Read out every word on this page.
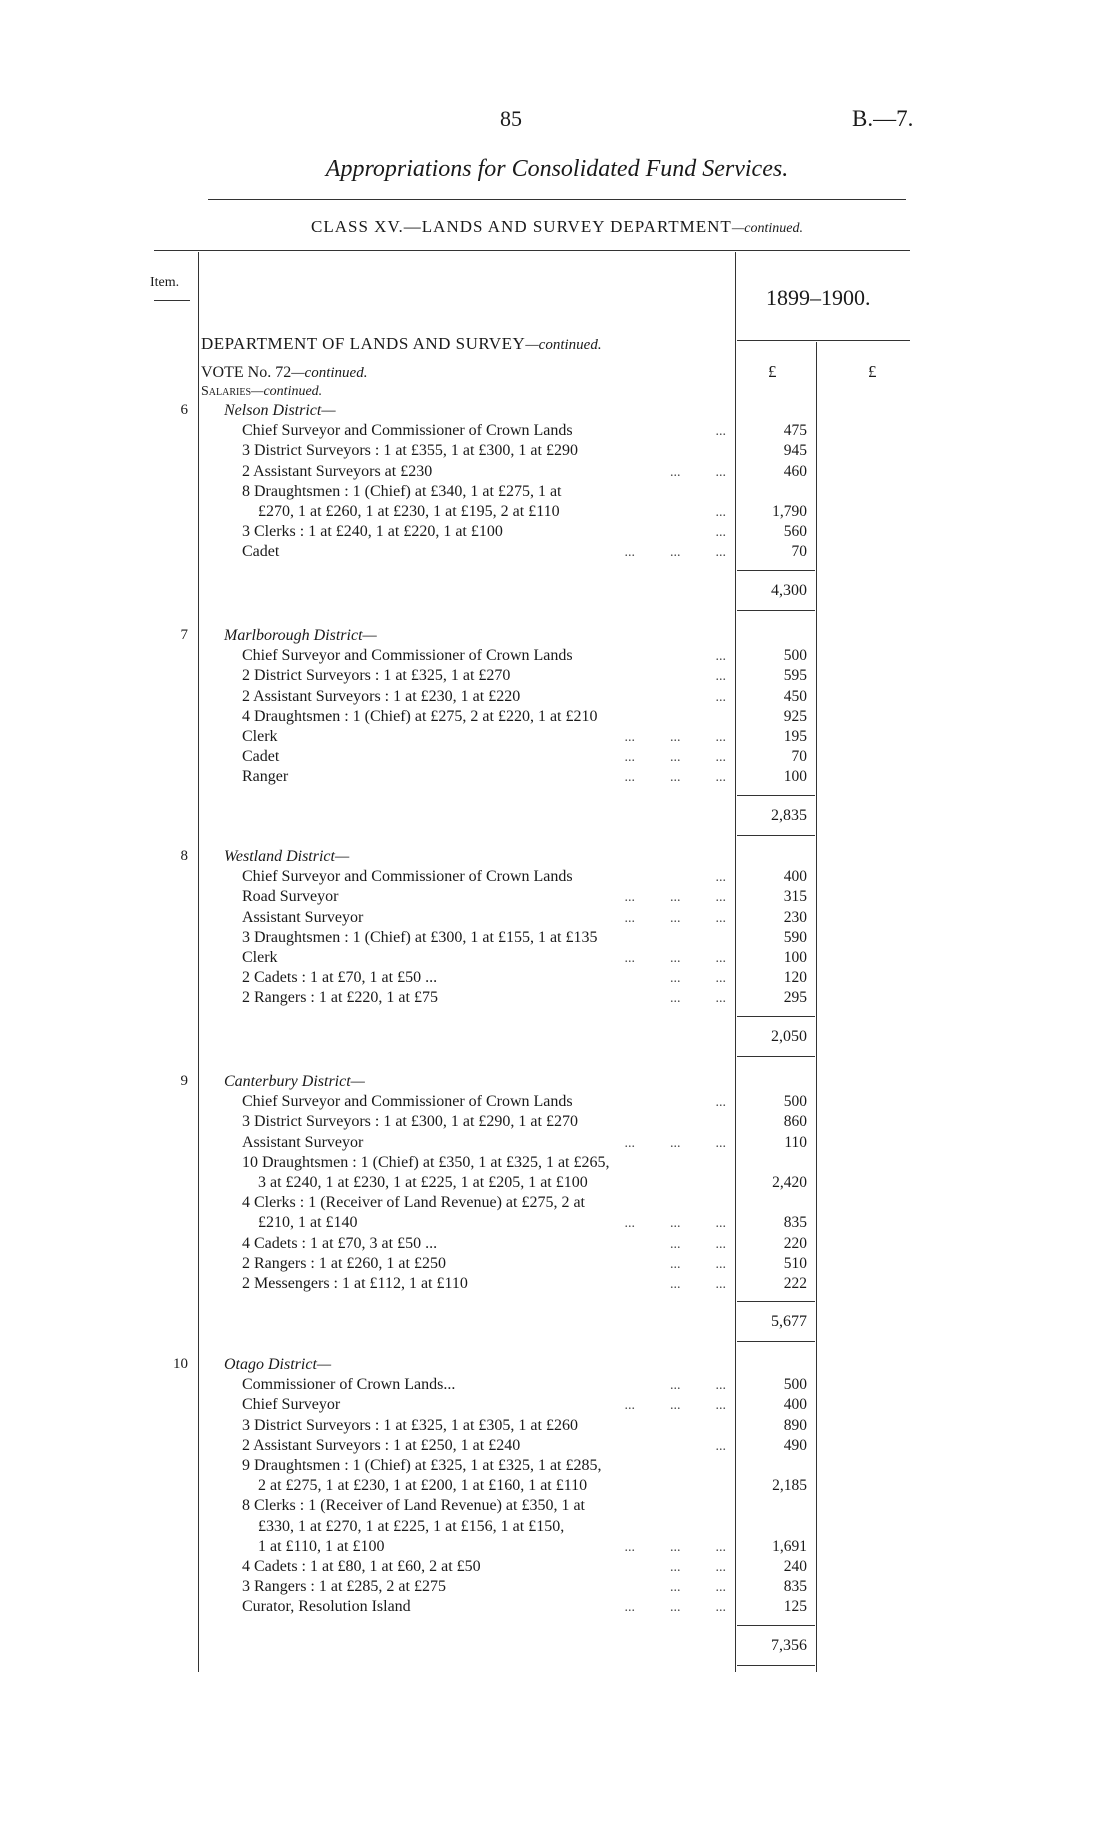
85	B.—7.
Appropriations for Consolidated Fund Services.
CLASS XV.—LANDS AND SURVEY DEPARTMENT—continued.
Item.
1899–1900.
DEPARTMENT OF LANDS AND SURVEY—continued.
VOTE No. 72—continued.
Salaries—continued.
£	£
6 Nelson District—
Chief Surveyor and Commissioner of Crown Lands	...	475
3 District Surveyors : 1 at £355, 1 at £300, 1 at £290	945
2 Assistant Surveyors at £230	...          ...	460
8 Draughtsmen : 1 (Chief) at £340, 1 at £275, 1 at
£270, 1 at £260, 1 at £230, 1 at £195, 2 at £110	...	1,790
3 Clerks : 1 at £240, 1 at £220, 1 at £100	...	560
Cadet	...          ...          ...	70
4,300
7 Marlborough District—
Chief Surveyor and Commissioner of Crown Lands	...	500
2 District Surveyors : 1 at £325, 1 at £270	...	595
2 Assistant Surveyors : 1 at £230, 1 at £220	...	450
4 Draughtsmen : 1 (Chief) at £275, 2 at £220, 1 at £210	925
Clerk	...          ...          ...	195
Cadet	...          ...          ...	70
Ranger	...          ...          ...	100
2,835
8 Westland District—
Chief Surveyor and Commissioner of Crown Lands	...	400
Road Surveyor	...          ...          ...	315
Assistant Surveyor	...          ...          ...	230
3 Draughtsmen : 1 (Chief) at £300, 1 at £155, 1 at £135	590
Clerk	...          ...          ...	100
2 Cadets : 1 at £70, 1 at £50 ...	...          ...	120
2 Rangers : 1 at £220, 1 at £75	...          ...	295
2,050
9 Canterbury District—
Chief Surveyor and Commissioner of Crown Lands	...	500
3 District Surveyors : 1 at £300, 1 at £290, 1 at £270	860
Assistant Surveyor	...          ...          ...	110
10 Draughtsmen : 1 (Chief) at £350, 1 at £325, 1 at £265,
3 at £240, 1 at £230, 1 at £225, 1 at £205, 1 at £100	2,420
4 Clerks : 1 (Receiver of Land Revenue) at £275, 2 at
£210, 1 at £140	...          ...          ...	835
4 Cadets : 1 at £70, 3 at £50 ...	...          ...	220
2 Rangers : 1 at £260, 1 at £250	...          ...	510
2 Messengers : 1 at £112, 1 at £110	...          ...	222
5,677
10 Otago District—
Commissioner of Crown Lands...	...          ...	500
Chief Surveyor	...          ...          ...	400
3 District Surveyors : 1 at £325, 1 at £305, 1 at £260	890
2 Assistant Surveyors : 1 at £250, 1 at £240	...	490
9 Draughtsmen : 1 (Chief) at £325, 1 at £325, 1 at £285,
2 at £275, 1 at £230, 1 at £200, 1 at £160, 1 at £110	2,185
8 Clerks : 1 (Receiver of Land Revenue) at £350, 1 at
£330, 1 at £270, 1 at £225, 1 at £156, 1 at £150,
1 at £110, 1 at £100	...          ...          ...	1,691
4 Cadets : 1 at £80, 1 at £60, 2 at £50	...          ...	240
3 Rangers : 1 at £285, 2 at £275	...          ...	835
Curator, Resolution Island	...          ...          ...	125
7,356
